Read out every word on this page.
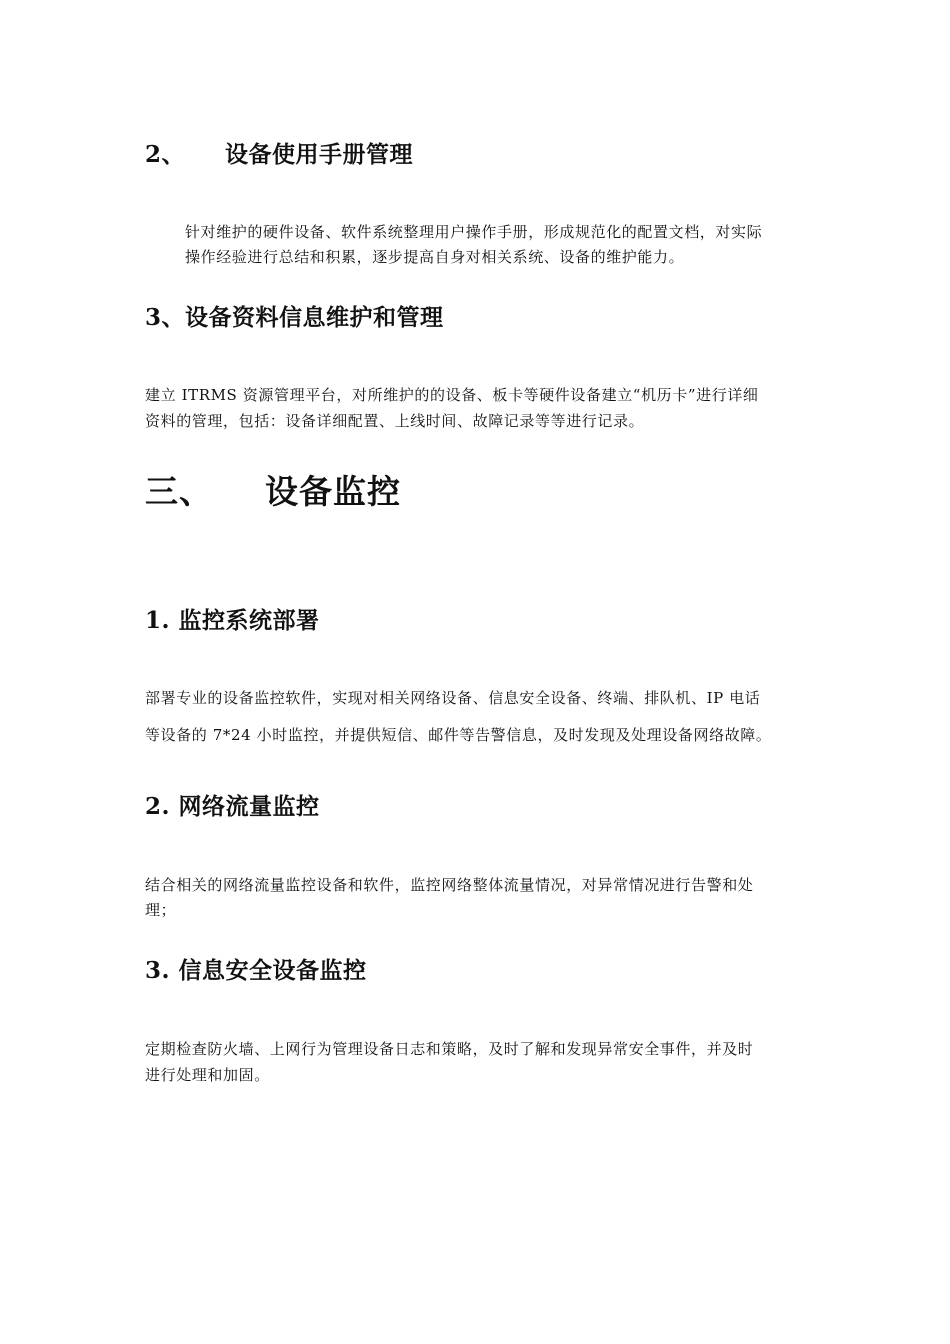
2、 设备使用手册管理
针对维护的硬件设备、软件系统整理用户操作手册，形成规范化的配置文档，对实际
操作经验进行总结和积累，逐步提高自身对相关系统、设备的维护能力。
3、设备资料信息维护和管理
建立 ITRMS 资源管理平台，对所维护的的设备、板卡等硬件设备建立“机历卡”进行详细
资料的管理，包括：设备详细配置、上线时间、故障记录等等进行记录。
三、 设备监控
1. 监控系统部署
部署专业的设备监控软件，实现对相关网络设备、信息安全设备、终端、排队机、IP 电话
等设备的 7*24 小时监控，并提供短信、邮件等告警信息，及时发现及处理设备网络故障。
2. 网络流量监控
结合相关的网络流量监控设备和软件，监控网络整体流量情况，对异常情况进行告警和处
理；
3. 信息安全设备监控
定期检查防火墙、上网行为管理设备日志和策略，及时了解和发现异常安全事件，并及时
进行处理和加固。
